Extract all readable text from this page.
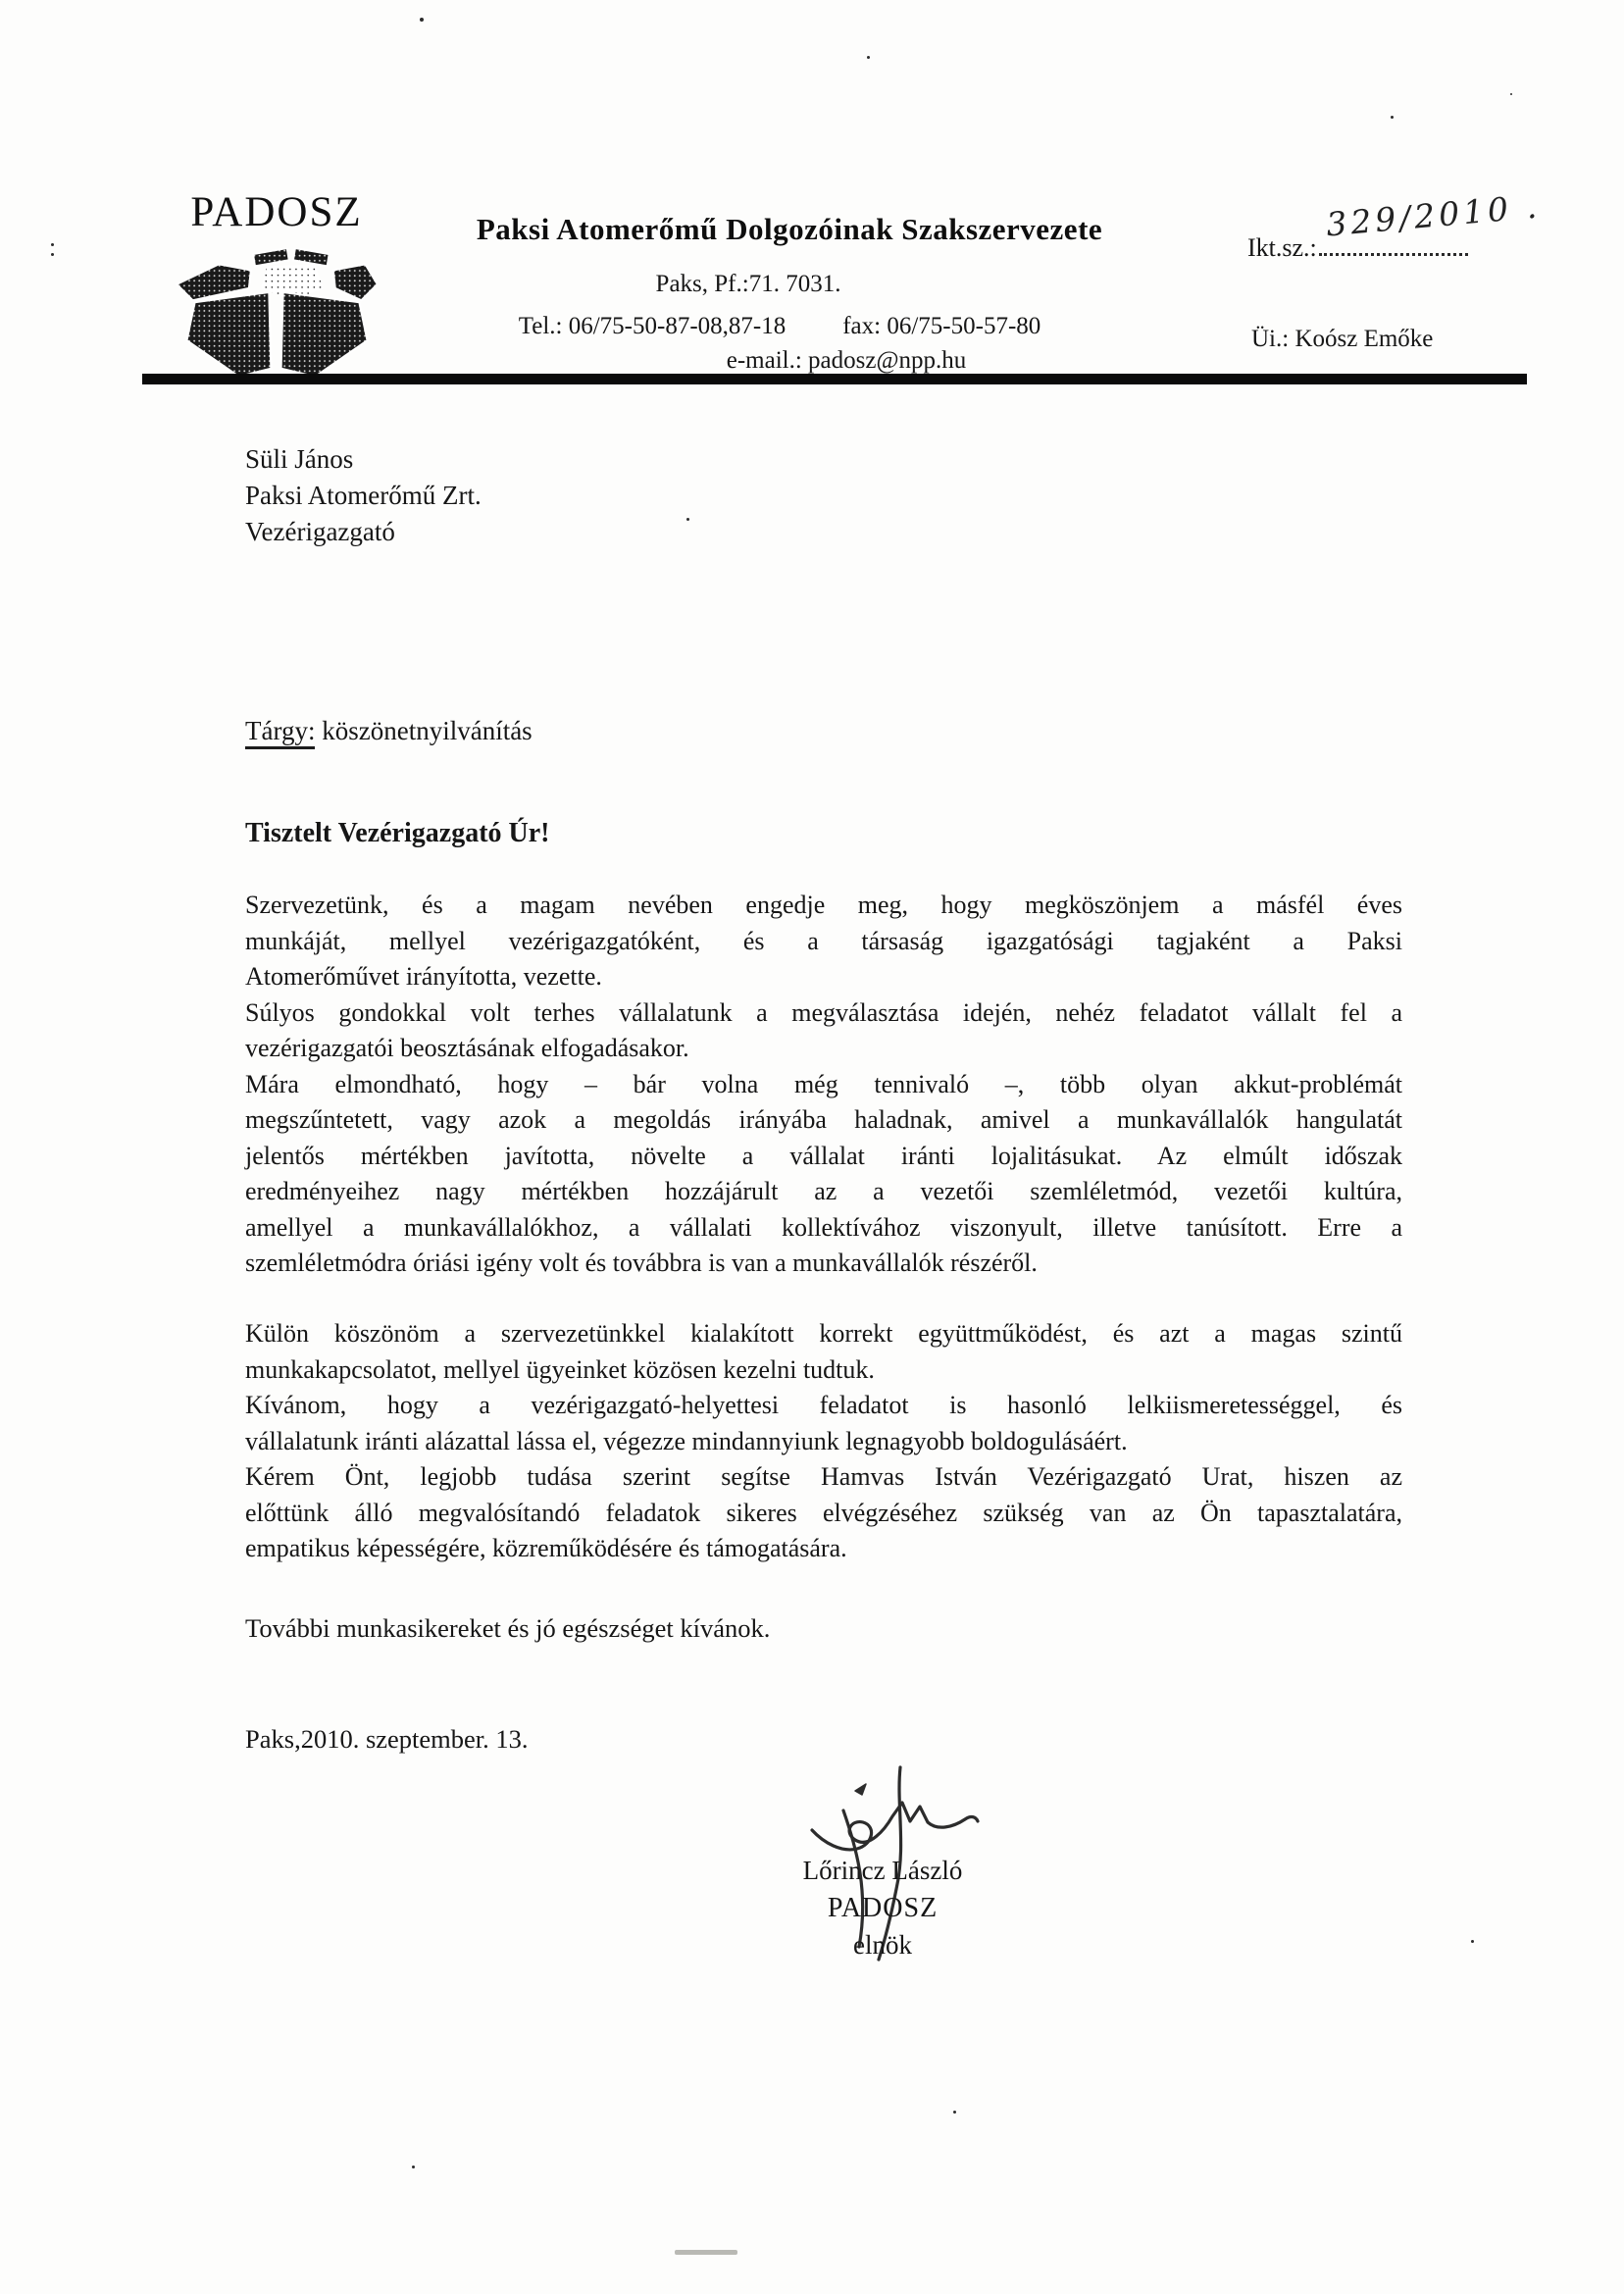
PADOSZ	Paksi Atomerőmű Dolgozóinak Szakszervezete
Paks, Pf.:71. 7031.
Tel.: 06/75-50-87-08,87-18 fax: 06/75-50-57-80
e-mail.: padosz@npp.hu
Ikt.sz.:
329/2010 .
Üi.: Koósz Emőke
Süli János
Paksi Atomerőmű Zrt.
Vezérigazgató
Tárgy: köszönetnyilvánítás
Tisztelt Vezérigazgató Úr!
Szervezetünk, és a magam nevében engedje meg, hogy megköszönjem a másfél éves
munkáját, mellyel vezérigazgatóként, és a társaság igazgatósági tagjaként a Paksi
Atomerőművet irányította, vezette.
Súlyos gondokkal volt terhes vállalatunk a megválasztása idején, nehéz feladatot vállalt fel a
vezérigazgatói beosztásának elfogadásakor.
Mára elmondható, hogy – bár volna még tennivaló –, több olyan akkut-problémát
megszűntetett, vagy azok a megoldás irányába haladnak, amivel a munkavállalók hangulatát
jelentős mértékben javította, növelte a vállalat iránti lojalitásukat. Az elmúlt időszak
eredményeihez nagy mértékben hozzájárult az a vezetői szemléletmód, vezetői kultúra,
amellyel a munkavállalókhoz, a vállalati kollektívához viszonyult, illetve tanúsított. Erre a
szemléletmódra óriási igény volt és továbbra is van a munkavállalók részéről.
Külön köszönöm a szervezetünkkel kialakított korrekt együttműködést, és azt a magas szintű
munkakapcsolatot, mellyel ügyeinket közösen kezelni tudtuk.
Kívánom, hogy a vezérigazgató-helyettesi feladatot is hasonló lelkiismeretességgel, és
vállalatunk iránti alázattal lássa el, végezze mindannyiunk legnagyobb boldogulásáért.
Kérem Önt, legjobb tudása szerint segítse Hamvas István Vezérigazgató Urat, hiszen az
előttünk álló megvalósítandó feladatok sikeres elvégzéséhez szükség van az Ön tapasztalatára,
empatikus képességére, közreműködésére és támogatására.
További munkasikereket és jó egészséget kívánok.
Paks,2010. szeptember. 13.
Lőrincz László
PADOSZ
elnök
